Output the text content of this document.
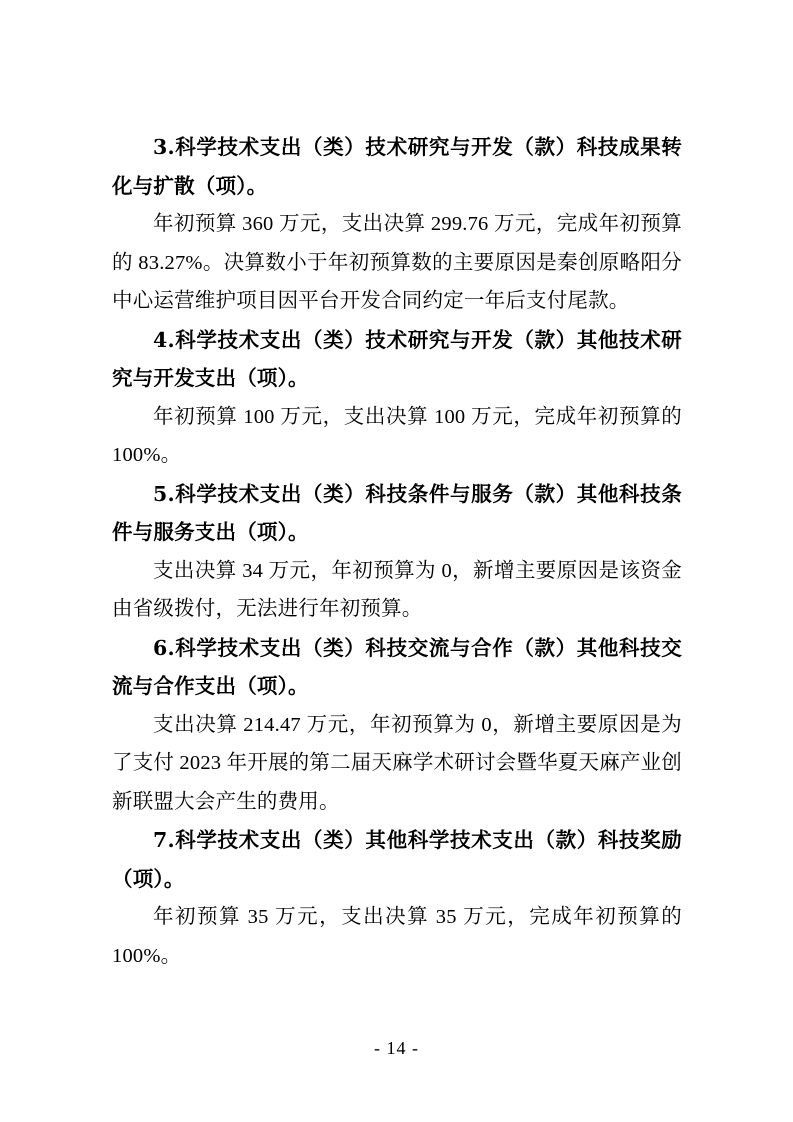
3.科学技术支出（类）技术研究与开发（款）科技成果转化与扩散（项）。

年初预算 360 万元，支出决算 299.76 万元，完成年初预算的 83.27%。决算数小于年初预算数的主要原因是秦创原略阳分中心运营维护项目因平台开发合同约定一年后支付尾款。

4.科学技术支出（类）技术研究与开发（款）其他技术研究与开发支出（项）。

年初预算 100 万元，支出决算 100 万元，完成年初预算的 100%。

5.科学技术支出（类）科技条件与服务（款）其他科技条件与服务支出（项）。

支出决算 34 万元，年初预算为 0，新增主要原因是该资金由省级拨付，无法进行年初预算。

6.科学技术支出（类）科技交流与合作（款）其他科技交流与合作支出（项）。

支出决算 214.47 万元，年初预算为 0，新增主要原因是为了支付 2023 年开展的第二届天麻学术研讨会暨华夏天麻产业创新联盟大会产生的费用。

7.科学技术支出（类）其他科学技术支出（款）科技奖励（项）。

年初预算 35 万元，支出决算 35 万元，完成年初预算的 100%。

- 14 -
